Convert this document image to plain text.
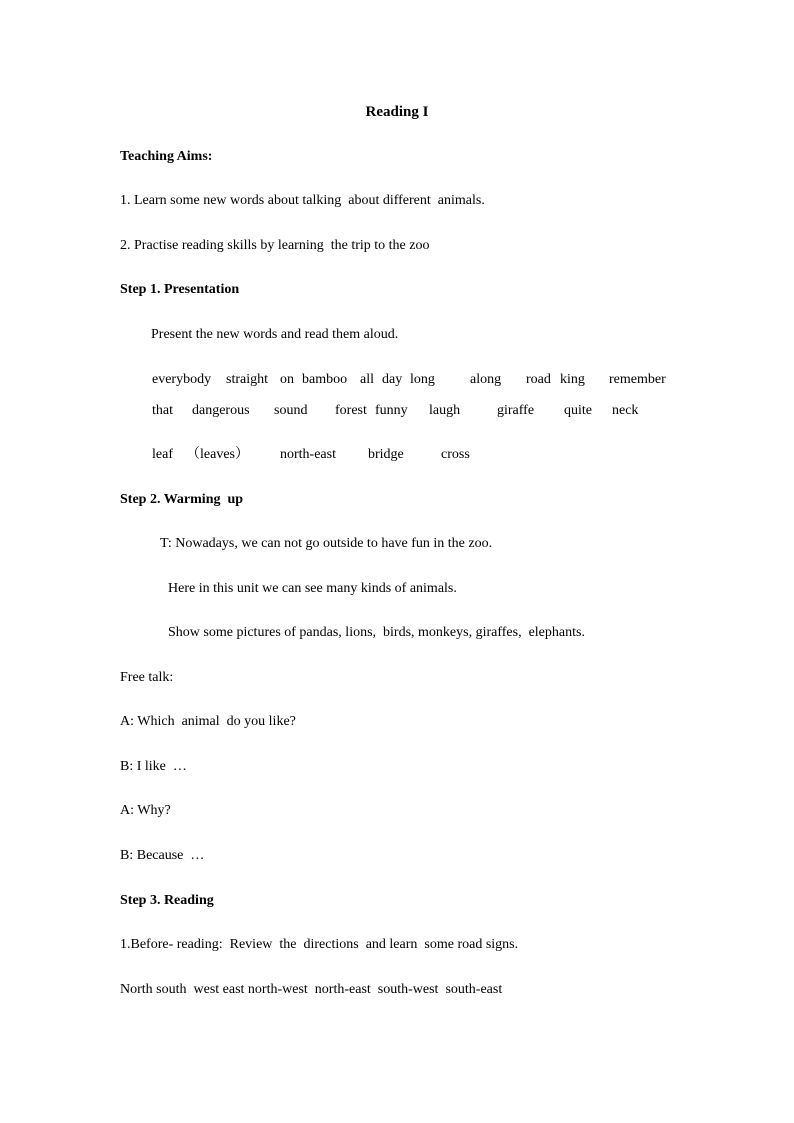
Reading I
Teaching Aims:
1. Learn some new words about talking  about different  animals.
2. Practise reading skills by learning  the trip to the zoo
Step 1. Presentation
Present the new words and read them aloud.
everybody straight on bamboo all day long	along road king remember
that dangerous sound forest funny laugh	giraffe quite neck
leaf （leaves） north-east bridge	cross
Step 2. Warming  up
T: Nowadays, we can not go outside to have fun in the zoo.
Here in this unit we can see many kinds of animals.
Show some pictures of pandas, lions,  birds, monkeys, giraffes,  elephants.
Free talk:
A: Which  animal  do you like?
B: I like  …
A: Why?
B: Because  …
Step 3. Reading
1.Before- reading:  Review  the  directions  and learn  some road signs.
North south  west east north-west  north-east  south-west  south-east
